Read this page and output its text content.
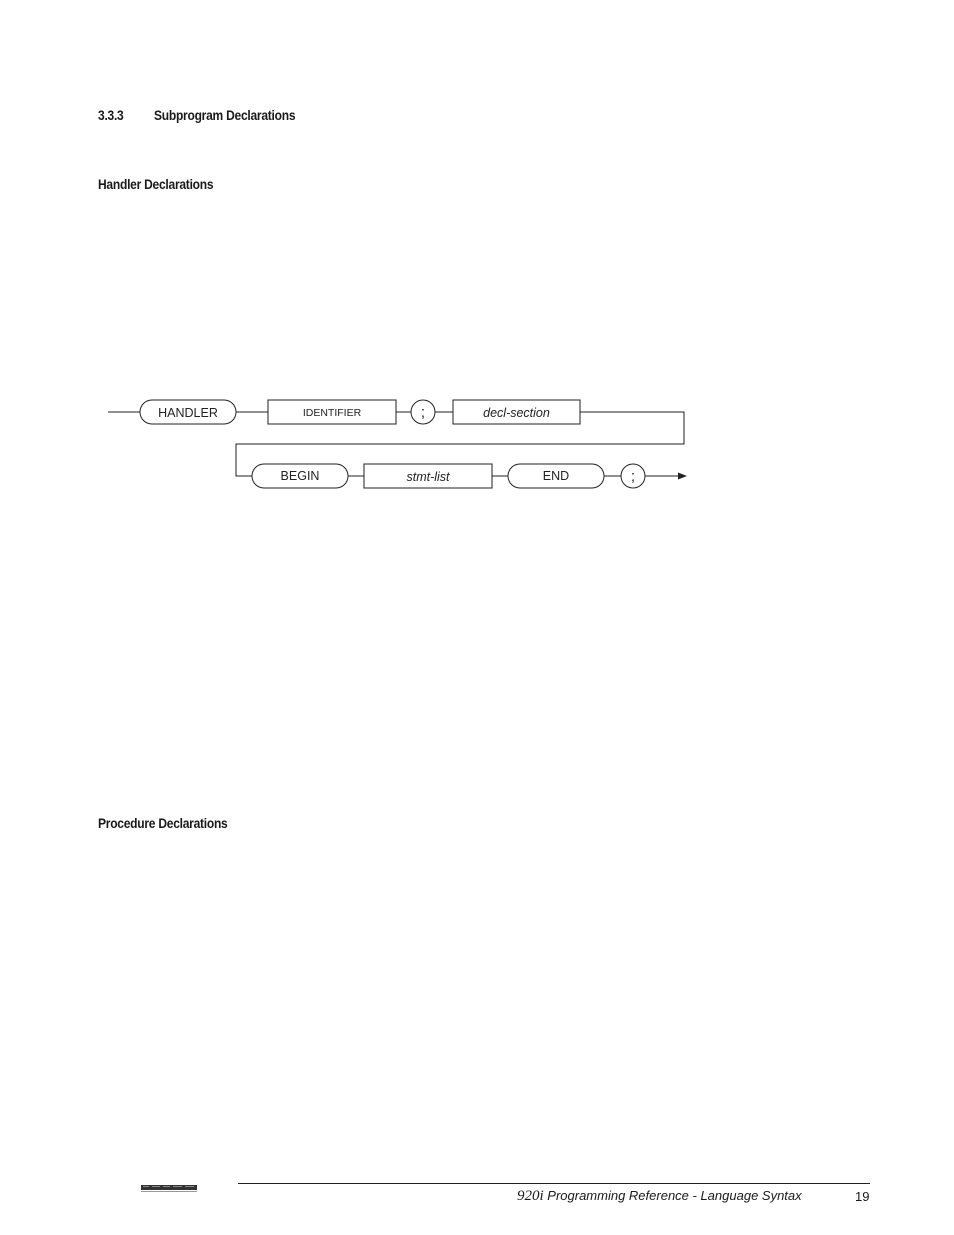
3.3.3 Subprogram Declarations
Handler Declarations
HANDLER	IDENTIFIER	;	decl-section
BEGIN	stmt-list	END	;
Procedure Declarations
920i Programming Reference - Language Syntax	19
